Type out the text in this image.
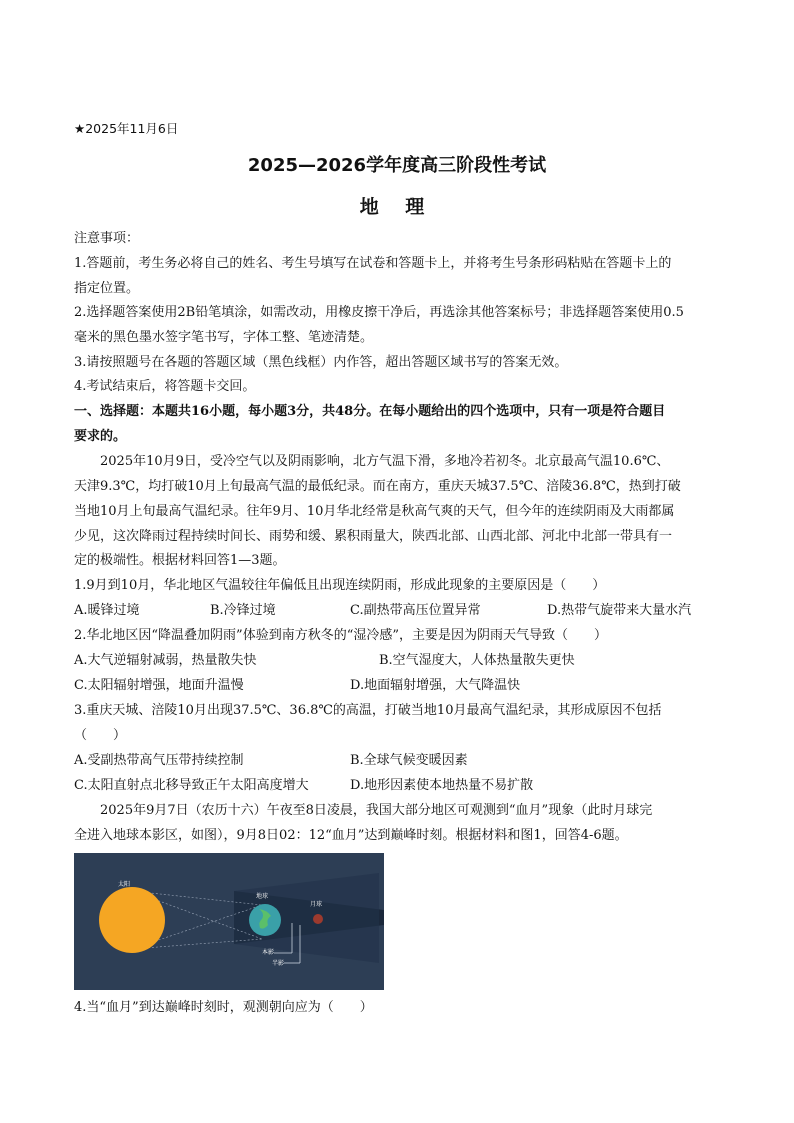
★2025年11月6日
2025—2026学年度高三阶段性考试
地 理
注意事项：
1.答题前，考生务必将自己的姓名、考生号填写在试卷和答题卡上，并将考生号条形码粘贴在答题卡上的
指定位置。
2.选择题答案使用2B铅笔填涂，如需改动，用橡皮擦干净后，再选涂其他答案标号；非选择题答案使用0.5
毫米的黑色墨水签字笔书写，字体工整、笔迹清楚。
3.请按照题号在各题的答题区域（黑色线框）内作答，超出答题区域书写的答案无效。
4.考试结束后，将答题卡交回。
一、选择题：本题共16小题，每小题3分，共48分。在每小题给出的四个选项中，只有一项是符合题目
要求的。
2025年10月9日，受冷空气以及阴雨影响，北方气温下滑，多地冷若初冬。北京最高气温10.6℃、
天津9.3℃，均打破10月上旬最高气温的最低纪录。而在南方，重庆天城37.5℃、涪陵36.8℃，热到打破
当地10月上旬最高气温纪录。往年9月、10月华北经常是秋高气爽的天气，但今年的连续阴雨及大雨都属
少见，这次降雨过程持续时间长、雨势和缓、累积雨量大，陕西北部、山西北部、河北中北部一带具有一
定的极端性。根据材料回答1—3题。
1.9月到10月，华北地区气温较往年偏低且出现连续阴雨，形成此现象的主要原因是（　　）
A.暖锋过境	B.冷锋过境	C.副热带高压位置异常	D.热带气旋带来大量水汽
2.华北地区因“降温叠加阴雨”体验到南方秋冬的“湿冷感”，主要是因为阴雨天气导致（　　）
A.大气逆辐射减弱，热量散失快	B.空气湿度大，人体热量散失更快
C.太阳辐射增强，地面升温慢	D.地面辐射增强，大气降温快
3.重庆天城、涪陵10月出现37.5℃、36.8℃的高温，打破当地10月最高气温纪录，其形成原因不包括
（　　）
A.受副热带高气压带持续控制	B.全球气候变暖因素
C.太阳直射点北移导致正午太阳高度增大	D.地形因素使本地热量不易扩散
2025年9月7日（农历十六）午夜至8日凌晨，我国大部分地区可观测到“血月”现象（此时月球完
全进入地球本影区，如图），9月8日02：12“血月”达到巅峰时刻。根据材料和图1，回答4-6题。
太阳
地球
月球
本影
半影
4.当“血月”到达巅峰时刻时，观测朝向应为（　　）
